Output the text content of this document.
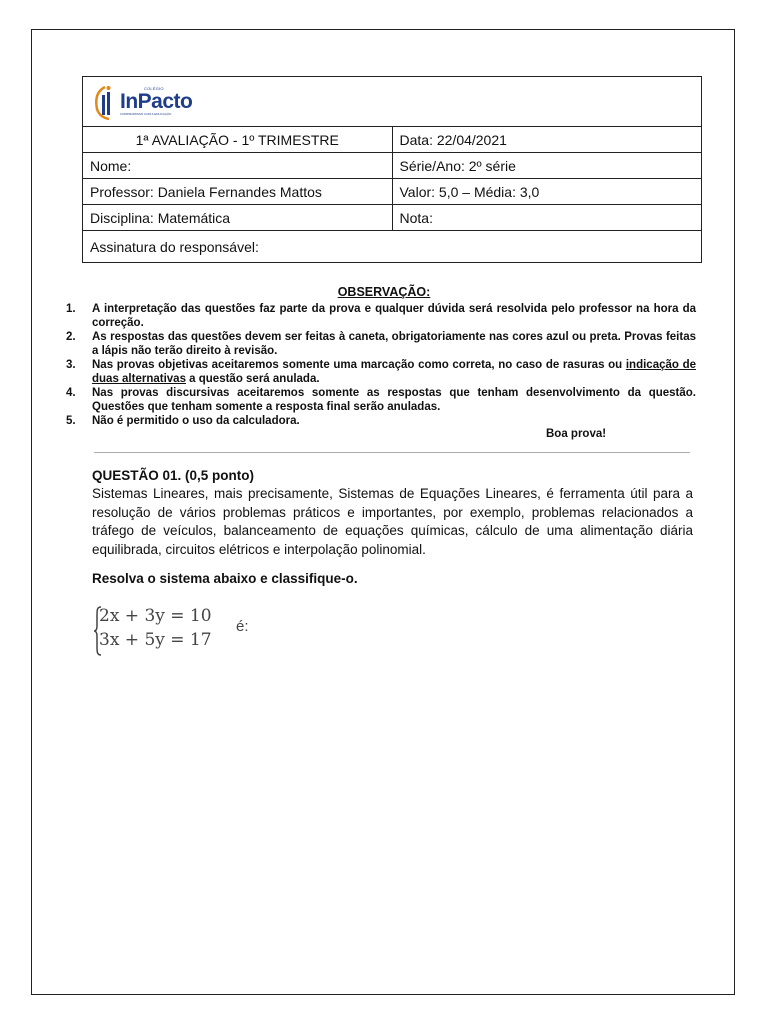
COLÉGIO
InPacto
COMPROMISSO COM A EDUCAÇÃO	

1ª AVALIAÇÃO - 1º TRIMESTRE	Data: 22/04/2021
Nome:	Série/Ano: 2º série
Professor: Daniela Fernandes Mattos	Valor: 5,0 – Média: 3,0
Disciplina: Matemática	Nota:
Assinatura do responsável:	
OBSERVAÇÃO:
1.	A interpretação das questões faz parte da prova e qualquer dúvida será resolvida pelo professor na hora da correção.
2.	As respostas das questões devem ser feitas à caneta, obrigatoriamente nas cores azul ou preta. Provas feitas a lápis não terão direito à revisão.
3.	Nas provas objetivas aceitaremos somente uma marcação como correta, no caso de rasuras ou indicação de duas alternativas a questão será anulada.
4.	Nas provas discursivas aceitaremos somente as respostas que tenham desenvolvimento da questão. Questões que tenham somente a resposta final serão anuladas.
5.	Não é permitido o uso da calculadora.
Boa prova!
QUESTÃO 01. (0,5 ponto)
Sistemas Lineares, mais precisamente, Sistemas de Equações Lineares, é ferramenta útil para a resolução de vários problemas práticos e importantes, por exemplo, problemas relacionados a tráfego de veículos, balanceamento de equações químicas, cálculo de uma alimentação diária equilibrada, circuitos elétricos e interpolação polinomial.
Resolva o sistema abaixo e classifique-o.
2x + 3y = 10
3x + 5y = 17
é:
